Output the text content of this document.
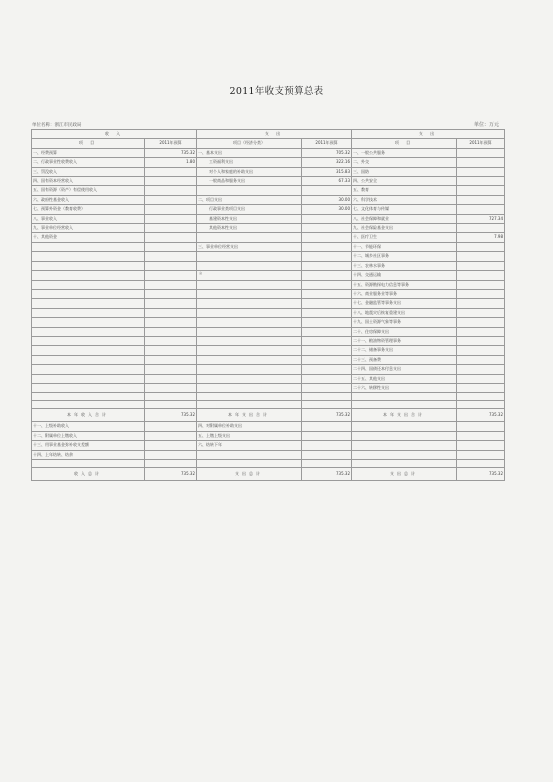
2011年收支预算总表
单位名称：浙江市民政局	单位：万元
收 入		支 出		支 出	
项 目	2011年预算	项目（经济分类）	2011年预算	项 目	2011年预算
一、经费预算	735.32	一、基本支出	705.32	一、一般公共服务	
二、行政事业性收费收入	1.80	工资福利支出	322.16	二、外交	
三、罚没收入		对个人和家庭的补助支出	315.83	三、国防	
四、国有资本经营收入		一般商品和服务支出	67.33	四、公共安全	
五、国有资源（资产）有偿使用收入				五、教育	
六、政府性基金收入		二、项目支出	30.00	六、科学技术	
七、预算外资金（教育收费）		行政事业类项目支出	30.00	七、文化体育与传媒	
八、事业收入		基建资本性支出		八、社会保障和就业	727.34
九、事业单位经营收入		其他资本性支出		九、社会保险基金支出	
十、其他资金				十、医疗卫生	7.98
		三、事业单位经营支出		十一、节能环保	
				十二、城乡社区事务	
				十三、农林水事务	
				十四、交通运输	
				十五、资源勘探电力信息等事务	
				十六、商业服务业等事务	
				十七、金融监管等事务支出	
				十八、地震灾后恢复重建支出	
				十九、国土资源气象等事务	
				二十、住房保障支出	
				二十一、粮油物资管理事务	
				二十二、储备事务支出	
				二十三、预备费	
				二十四、国债还本付息支出	
				二十五、其他支出	
				二十六、转移性支出	

本年收入合计	735.32	本年支出合计	735.32	本年支出合计	735.32
十一、上级补助收入		四、对附属单位补助支出			
十二、附属单位上缴收入		五、上缴上级支出			
十三、用事业基金弥补收支差额		六、结转下年			
十四、上年结转、结余					

收入总计	735.32	支出总计	735.32	支出总计	735.32
※
